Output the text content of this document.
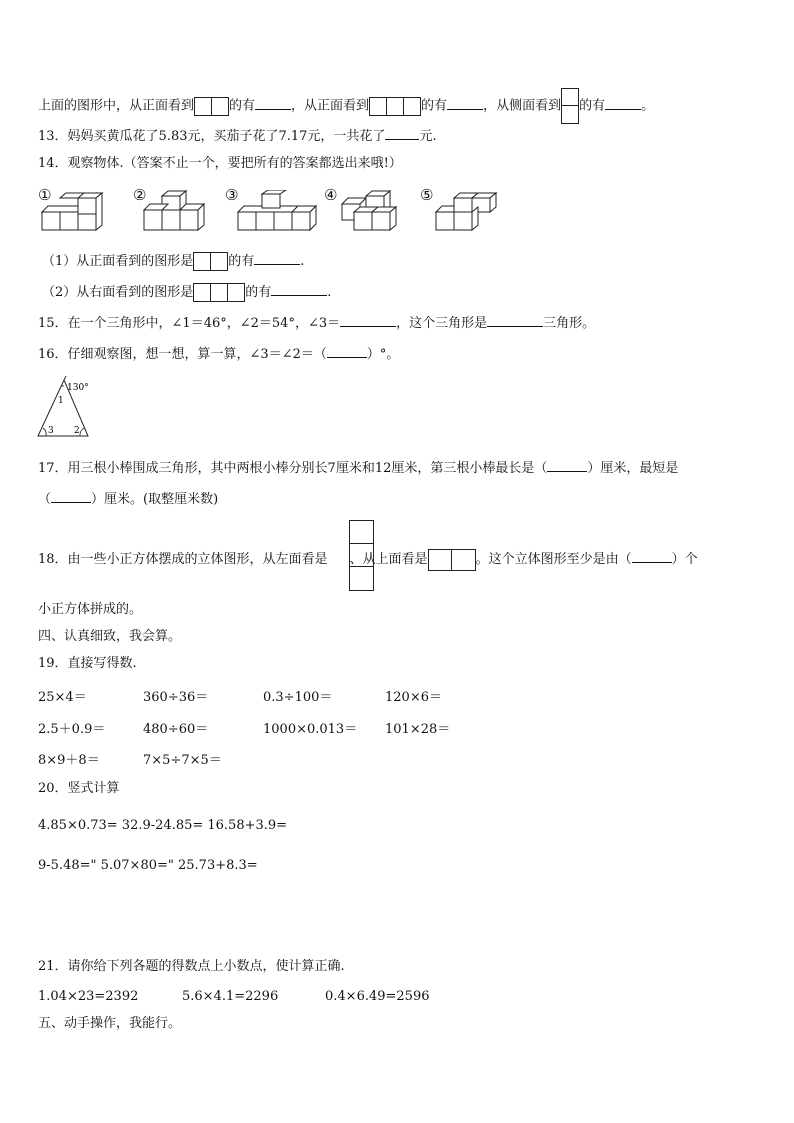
上面的图形中，从正面看到	的有	，从正面看到	的有	，从侧面看到 的有	。
13．妈妈买黄瓜花了5.83元，买茄子花了7.17元，一共花了	元.
14．观察物体.（答案不止一个，要把所有的答案都选出来哦!）
①	②	③	④	⑤
（1）从正面看到的图形是	的有	.
（2）从右面看到的图形是	的有	.
15．在一个三角形中，∠1＝46°，∠2＝54°，∠3＝	，这个三角形是	三角形。
16．仔细观察图，想一想，算一算，∠3＝∠2＝（	）°。
130°
1
3 2
17．用三根小棒围成三角形，其中两根小棒分别长7厘米和12厘米，第三根小棒最长是（	）厘米，最短是
（	）厘米。(取整厘米数)
18．由一些小正方体摆成的立体图形，从左面看是 、从上面看是	。这个立体图形至少是由（	）个
小正方体拼成的。
四、认真细致，我会算。
19．直接写得数.
25×4＝	360÷36＝	0.3÷100＝	120×6＝
2.5＋0.9＝	480÷60＝	1000×0.013＝ 101×28＝
8×9＋8＝	7×5÷7×5＝
20．竖式计算
4.85×0.73= 32.9-24.85= 16.58+3.9=
9-5.48=" 5.07×80=" 25.73+8.3=
21．请你给下列各题的得数点上小数点，使计算正确.
1.04×23=2392	5.6×4.1=2296	0.4×6.49=2596
五、动手操作，我能行。
